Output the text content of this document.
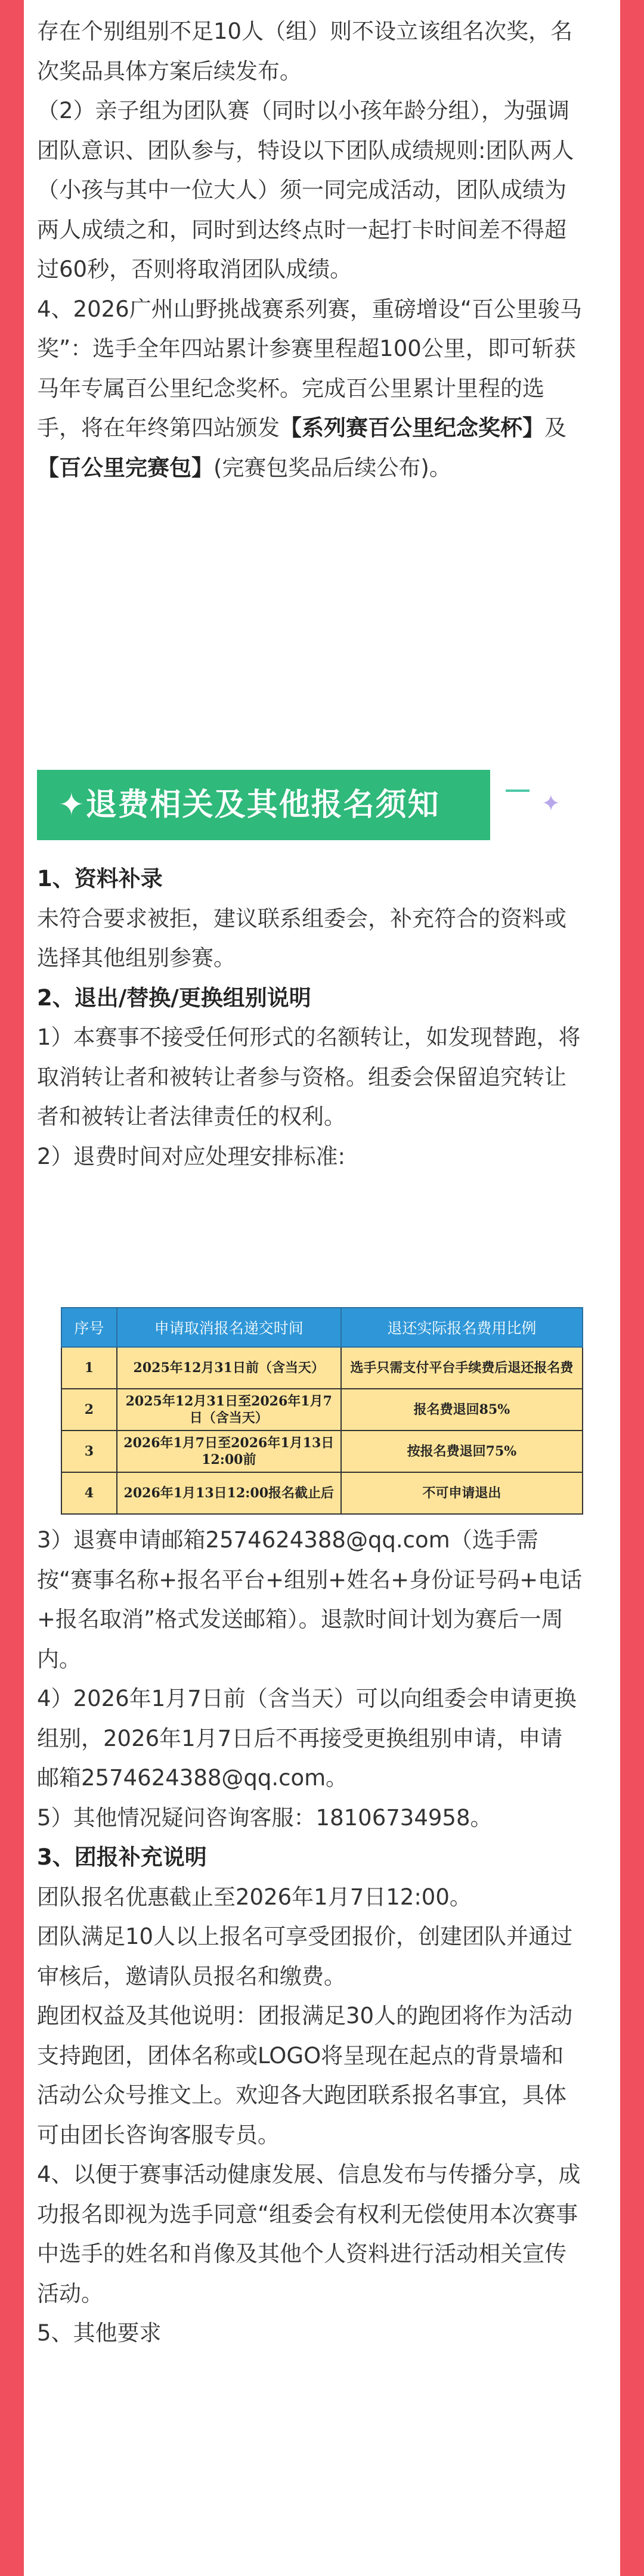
存在个别组别不足10人（组）则不设立该组名次奖，名次奖品具体方案后续发布。

（2）亲子组为团队赛（同时以小孩年龄分组），为强调团队意识、团队参与，特设以下团队成绩规则:团队两人（小孩与其中一位大人）须一同完成活动，团队成绩为两人成绩之和，同时到达终点时一起打卡时间差不得超过60秒，否则将取消团队成绩。

4、2026广州山野挑战赛系列赛，重磅增设“百公里骏马奖”：选手全年四站累计参赛里程超100公里，即可斩获马年专属百公里纪念奖杯。完成百公里累计里程的选手，将在年终第四站颁发【系列赛百公里纪念奖杯】及【百公里完赛包】(完赛包奖品后续公布)。

✦退费相关及其他报名须知	✦

1、资料补录

未符合要求被拒，建议联系组委会，补充符合的资料或选择其他组别参赛。

2、退出/替换/更换组别说明

1）本赛事不接受任何形式的名额转让，如发现替跑，将取消转让者和被转让者参与资格。组委会保留追究转让者和被转让者法律责任的权利。

2）退费时间对应处理安排标准:

序号	申请取消报名递交时间	退还实际报名费用比例
1	2025年12月31日前（含当天）	选手只需支付平台手续费后退还报名费
2	2025年12月31日至2026年1月7日（含当天）	报名费退回85%
3	2026年1月7日至2026年1月13日12:00前	按报名费退回75%
4	2026年1月13日12:00报名截止后	不可申请退出

3）退赛申请邮箱2574624388@qq.com（选手需按“赛事名称+报名平台+组别+姓名+身份证号码+电话+报名取消”格式发送邮箱）。退款时间计划为赛后一周内。

4）2026年1月7日前（含当天）可以向组委会申请更换组别，2026年1月7日后不再接受更换组别申请，申请邮箱2574624388@qq.com。

5）其他情况疑问咨询客服：18106734958。

3、团报补充说明

团队报名优惠截止至2026年1月7日12:00。

团队满足10人以上报名可享受团报价，创建团队并通过审核后，邀请队员报名和缴费。

跑团权益及其他说明：团报满足30人的跑团将作为活动支持跑团，团体名称或LOGO将呈现在起点的背景墙和活动公众号推文上。欢迎各大跑团联系报名事宜，具体可由团长咨询客服专员。

4、以便于赛事活动健康发展、信息发布与传播分享，成功报名即视为选手同意“组委会有权利无偿使用本次赛事中选手的姓名和肖像及其他个人资料进行活动相关宣传活动。

5、其他要求
